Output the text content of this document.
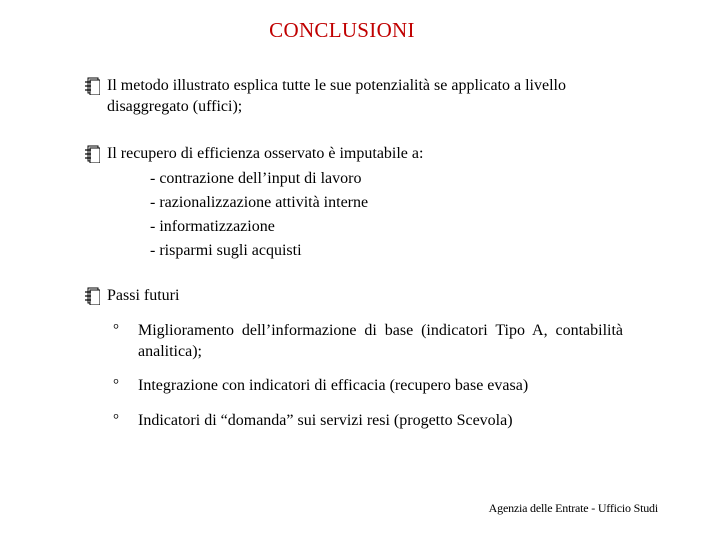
CONCLUSIONI
Il metodo illustrato esplica tutte le sue potenzialità se applicato a livello disaggregato (uffici);
Il recupero di efficienza osservato è imputabile a:
- contrazione dell’input di lavoro
- razionalizzazione attività interne
- informatizzazione
- risparmi sugli acquisti
Passi futuri
°	Miglioramento dell’informazione di base (indicatori Tipo A, contabilità analitica);
°	Integrazione con indicatori di efficacia (recupero base evasa)
°	Indicatori di “domanda” sui servizi resi (progetto Scevola)
Agenzia delle Entrate - Ufficio Studi
